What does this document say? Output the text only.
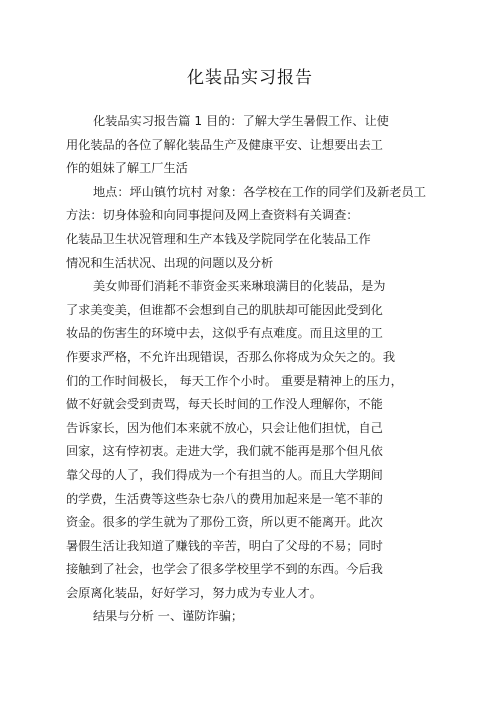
化装品实习报告
化装品实习报告篇 1 目的：了解大学生暑假工作、让使
用化装品的各位了解化装品生产及健康平安、让想要出去工
作的姐妹了解工厂生活
地点：坪山镇竹坑村 对象：各学校在工作的同学们及新老员工
方法：切身体验和向同事提问及网上查资料有关调查：
化装品卫生状况管理和生产本钱及学院同学在化装品工作
情况和生活状况、出现的问题以及分析
美女帅哥们消耗不菲资金买来琳琅满目的化装品，是为
了求美变美，但谁都不会想到自己的肌肤却可能因此受到化
妆品的伤害生的环境中去，这似乎有点难度。而且这里的工
作要求严格，不允许出现错误，否那么你将成为众矢之的。我
们的工作时间极长， 每天工作个小时。 重要是精神上的压力，
做不好就会受到责骂，每天长时间的工作没人理解你，不能
告诉家长，因为他们本来就不放心，只会让他们担忧，自己
回家，这有悖初衷。走进大学，我们就不能再是那个但凡依
靠父母的人了，我们得成为一个有担当的人。而且大学期间
的学费，生活费等这些杂七杂八的费用加起来是一笔不菲的
资金。很多的学生就为了那份工资，所以更不能离开。此次
暑假生活让我知道了赚钱的辛苦，明白了父母的不易；同时
接触到了社会，也学会了很多学校里学不到的东西。今后我
会原离化装品，好好学习，努力成为专业人才。
结果与分析 一、谨防诈骗；
